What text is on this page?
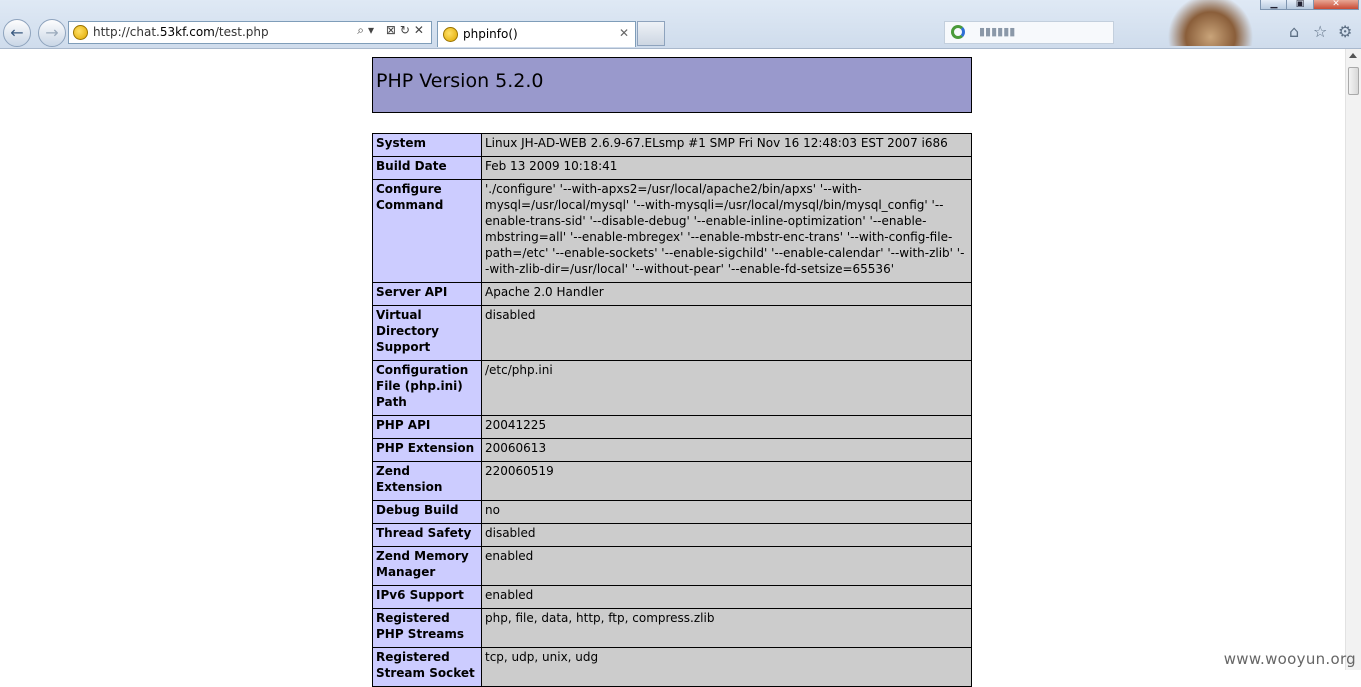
←	→	http://chat.53kf.com/test.php	⌕▾ ⊠↻✕	phpinfo()	✕	▮▮▮▮▮▮
▁	▣	✕
⌂ ☆ ⚙
PHP Version 5.2.0
System	Linux JH-AD-WEB 2.6.9-67.ELsmp #1 SMP Fri Nov 16 12:48:03 EST 2007 i686
Build Date	Feb 13 2009 10:18:41
Configure Command	'./configure' '--with-apxs2=/usr/local/apache2/bin/apxs' '--with-mysql=/usr/local/mysql' '--with-mysqli=/usr/local/mysql/bin/mysql_config' '--enable-trans-sid' '--disable-debug' '--enable-inline-optimization' '--enable-mbstring=all' '--enable-mbregex' '--enable-mbstr-enc-trans' '--with-config-file-path=/etc' '--enable-sockets' '--enable-sigchild' '--enable-calendar' '--with-zlib' '--with-zlib-dir=/usr/local' '--without-pear' '--enable-fd-setsize=65536'
Server API	Apache 2.0 Handler
Virtual Directory Support	disabled
Configuration File (php.ini) Path	/etc/php.ini
PHP API	20041225
PHP Extension	20060613
Zend Extension	220060519
Debug Build	no
Thread Safety	disabled
Zend Memory Manager	enabled
IPv6 Support	enabled
Registered PHP Streams	php, file, data, http, ftp, compress.zlib
Registered Stream Socket	tcp, udp, unix, udg	www.wooyun.org
